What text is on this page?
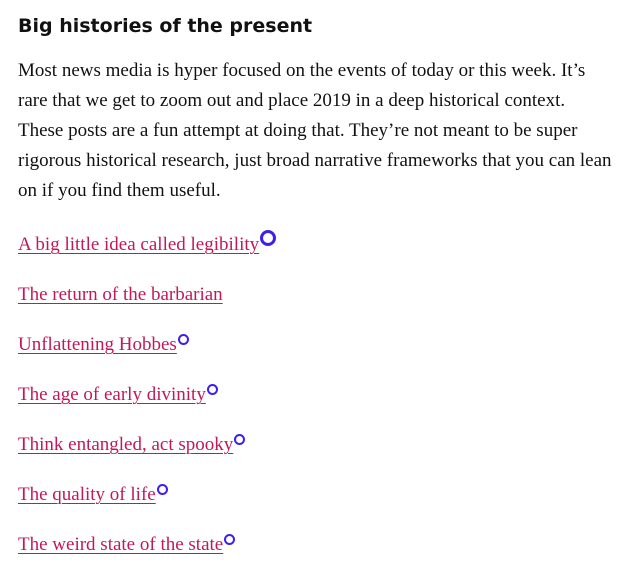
Big histories of the present

Most news media is hyper focused on the events of today or this week. It’s rare that we get to zoom out and place 2019 in a deep historical context. These posts are a fun attempt at doing that. They’re not meant to be super rigorous historical research, just broad narrative frameworks that you can lean on if you find them useful.

A big little idea called legibility
The return of the barbarian
Unflattening Hobbes
The age of early divinity
Think entangled, act spooky
The quality of life
The weird state of the state
